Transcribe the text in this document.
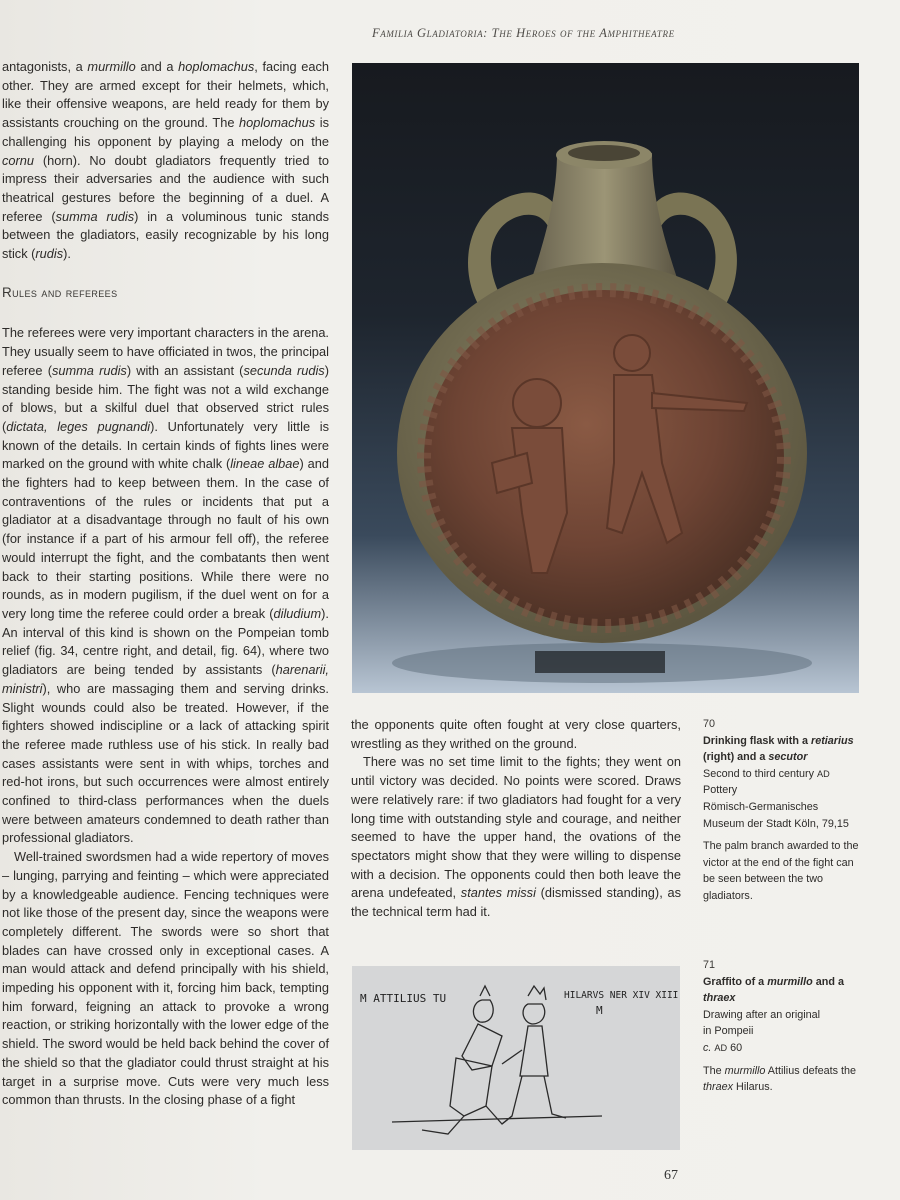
Familia Gladiatoria: The Heroes of the Amphitheatre

antagonists, a murmillo and a hoplomachus, facing each other. They are armed except for their helmets, which, like their offensive weapons, are held ready for them by assistants crouching on the ground. The hoplomachus is challenging his opponent by playing a melody on the cornu (horn). No doubt gladiators frequently tried to impress their adversaries and the audience with such theatrical gestures before the beginning of a duel. A referee (summa rudis) in a voluminous tunic stands between the gladiators, easily recognizable by his long stick (rudis).

Rules and referees

The referees were very important characters in the arena. They usually seem to have officiated in twos, the principal referee (summa rudis) with an assistant (secunda rudis) standing beside him. The fight was not a wild exchange of blows, but a skilful duel that observed strict rules (dictata, leges pugnandi). Unfortunately very little is known of the details. In certain kinds of fights lines were marked on the ground with white chalk (lineae albae) and the fighters had to keep between them. In the case of contraventions of the rules or incidents that put a gladiator at a disadvantage through no fault of his own (for instance if a part of his armour fell off), the referee would interrupt the fight, and the combatants then went back to their starting positions. While there were no rounds, as in modern pugilism, if the duel went on for a very long time the referee could order a break (diludium). An interval of this kind is shown on the Pompeian tomb relief (fig. 34, centre right, and detail, fig. 64), where two gladiators are being tended by assistants (harenarii, ministri), who are massaging them and serving drinks. Slight wounds could also be treated. However, if the fighters showed indiscipline or a lack of attacking spirit the referee made ruthless use of his stick. In really bad cases assistants were sent in with whips, torches and red-hot irons, but such occurrences were almost entirely confined to third-class performances when the duels were between amateurs condemned to death rather than professional gladiators.

Well-trained swordsmen had a wide repertory of moves – lunging, parrying and feinting – which were appreciated by a knowledgeable audience. Fencing techniques were not like those of the present day, since the weapons were completely different. The swords were so short that blades can have crossed only in exceptional cases. A man would attack and defend principally with his shield, impeding his opponent with it, forcing him back, tempting him forward, feigning an attack to provoke a wrong reaction, or striking horizontally with the lower edge of the shield. The sword would be held back behind the cover of the shield so that the gladiator could thrust straight at his target in a surprise move. Cuts were very much less common than thrusts. In the closing phase of a fight

the opponents quite often fought at very close quarters, wrestling as they writhed on the ground.

There was no set time limit to the fights; they went on until victory was decided. No points were scored. Draws were relatively rare: if two gladiators had fought for a very long time with outstanding style and courage, and neither seemed to have the upper hand, the ovations of the spectators might show that they were willing to dispense with a decision. The opponents could then both leave the arena undefeated, stantes missi (dismissed standing), as the technical term had it.

70
Drinking flask with a retiarius (right) and a secutor
Second to third century AD
Pottery
Römisch-Germanisches
Museum der Stadt Köln, 79,15
The palm branch awarded to the victor at the end of the fight can be seen between the two gladiators.
71
Graffito of a murmillo and a thraex
Drawing after an original
in Pompeii
c. AD 60
The murmillo Attilius defeats the thraex Hilarus.
M ATTILIUS TU	HILARVS NER XIV XIII
M
67
